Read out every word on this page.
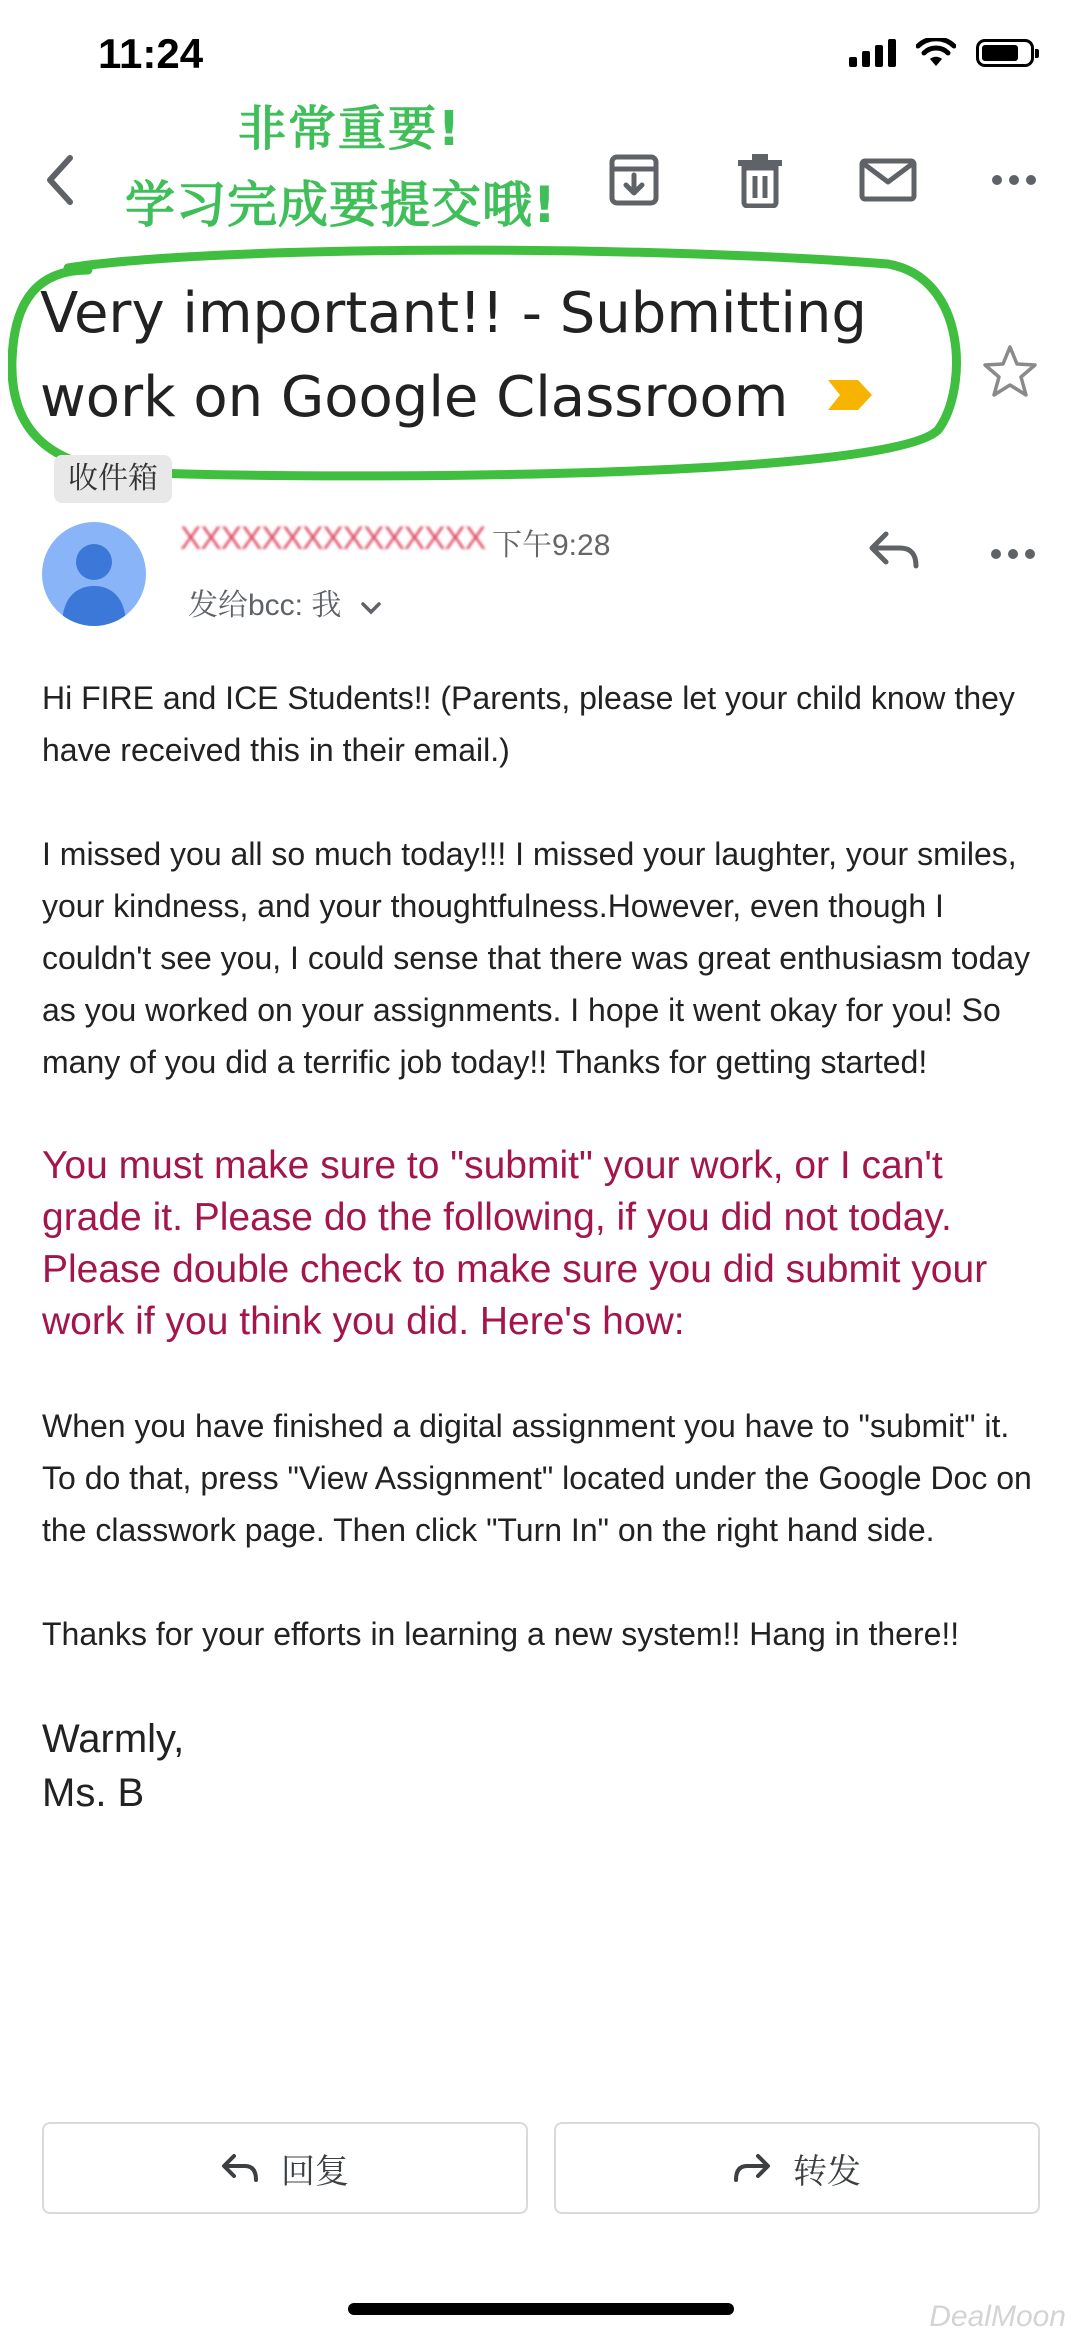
11:24
非常重要!
学习完成要提交哦!
Very important!! - Submitting work on Google Classroom  收件箱
XXXXXXXXXXXXXXX 下午9:28
发给bcc: 我

Hi FIRE and ICE Students!! (Parents, please let your child know they have received this in their email.)

I missed you all so much today!!! I missed your laughter, your smiles, your kindness, and your thoughtfulness.However, even though I couldn't see you, I could sense that there was great enthusiasm today as you worked on your assignments. I hope it went okay for you! So many of you did a terrific job today!! Thanks for getting started!

You must make sure to "submit" your work, or I can't grade it. Please do the following, if you did not today. Please double check to make sure you did submit your work if you think you did. Here's how:

When you have finished a digital assignment you have to "submit" it. To do that, press "View Assignment" located under the Google Doc on the classwork page. Then click "Turn In" on the right hand side.

Thanks for your efforts in learning a new system!! Hang in there!!

Warmly,
Ms. B
回复	转发
DealMoon
